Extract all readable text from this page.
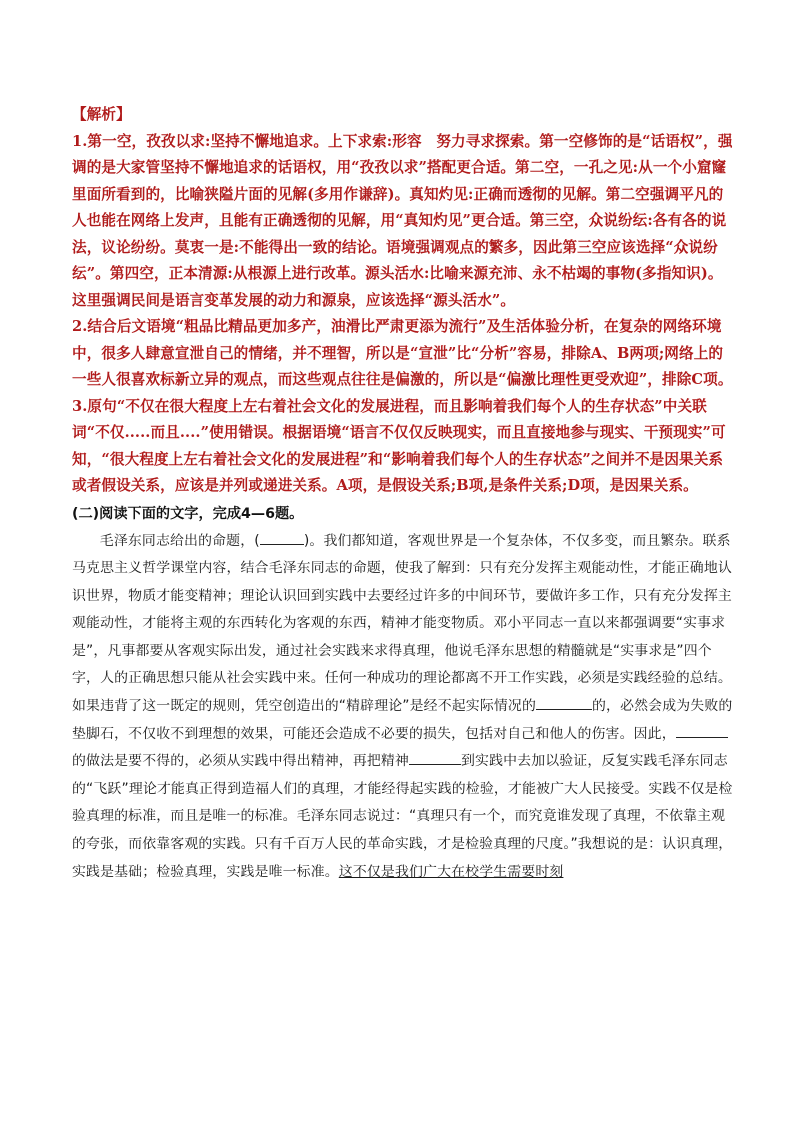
【解析】

1.第一空，孜孜以求:坚持不懈地追求。上下求索:形容　努力寻求探索。第一空修饰的是“话语权”，强调的是大家管坚持不懈地追求的话语权，用“孜孜以求”搭配更合适。第二空，一孔之见:从一个小窟窿里面所看到的，比喻狭隘片面的见解(多用作谦辞)。真知灼见:正确而透彻的见解。第二空强调平凡的人也能在网络上发声，且能有正确透彻的见解，用“真知灼见”更合适。第三空，众说纷纭:各有各的说法，议论纷纷。莫衷一是:不能得出一致的结论。语境强调观点的繁多，因此第三空应该选择“众说纷纭”。第四空，正本清源:从根源上进行改革。源头活水:比喻来源充沛、永不枯竭的事物(多指知识)。这里强调民间是语言变革发展的动力和源泉，应该选择“源头活水”。

2.结合后文语境“粗品比精品更加多产，油滑比严肃更添为流行”及生活体验分析，在复杂的网络环境中，很多人肆意宣泄自己的情绪，并不理智，所以是“宣泄”比“分析”容易，排除A、B两项;网络上的一些人很喜欢标新立异的观点，而这些观点往往是偏激的，所以是“偏激比理性更受欢迎”，排除C项。

3.原句“不仅在很大程度上左右着社会文化的发展进程，而且影响着我们每个人的生存状态”中关联词“不仅.....而且....”使用错误。根据语境“语言不仅仅反映现实，而且直接地参与现实、干预现实”可知，“很大程度上左右着社会文化的发展进程”和“影响着我们每个人的生存状态”之间并不是因果关系或者假设关系，应该是并列或递进关系。A项，是假设关系;B项,是条件关系;D项，是因果关系。

(二)阅读下面的文字，完成4—6题。

毛泽东同志给出的命题，(	)。我们都知道，客观世界是一个复杂体，不仅多变，而且繁杂。联系马克思主义哲学课堂内容，结合毛泽东同志的命题，使我了解到：只有充分发挥主观能动性，才能正确地认识世界，物质才能变精神；理论认识回到实践中去要经过许多的中间环节，要做许多工作，只有充分发挥主观能动性，才能将主观的东西转化为客观的东西，精神才能变物质。邓小平同志一直以来都强调要“实事求是”，凡事都要从客观实际出发，通过社会实践来求得真理，他说毛泽东思想的精髓就是“实事求是”四个字，人的正确思想只能从社会实践中来。任何一种成功的理论都离不开工作实践，必须是实践经验的总结。如果违背了这一既定的规则，凭空创造出的“精辟理论”是经不起实际情况的	的，必然会成为失败的垫脚石，不仅收不到理想的效果，可能还会造成不必要的损失，包括对自己和他人的伤害。因此，的做法是要不得的，必须从实践中得出精神，再把精神	到实践中去加以验证，反复实践毛泽东同志的“飞跃”理论才能真正得到造福人们的真理，才能经得起实践的检验，才能被广大人民接受。实践不仅是检验真理的标准，而且是唯一的标准。毛泽东同志说过：“真理只有一个，而究竟谁发现了真理，不依靠主观的夸张，而依靠客观的实践。只有千百万人民的革命实践，才是检验真理的尺度。”我想说的是：认识真理，实践是基础；检验真理，实践是唯一标准。这不仅是我们广大在校学生需要时刻
